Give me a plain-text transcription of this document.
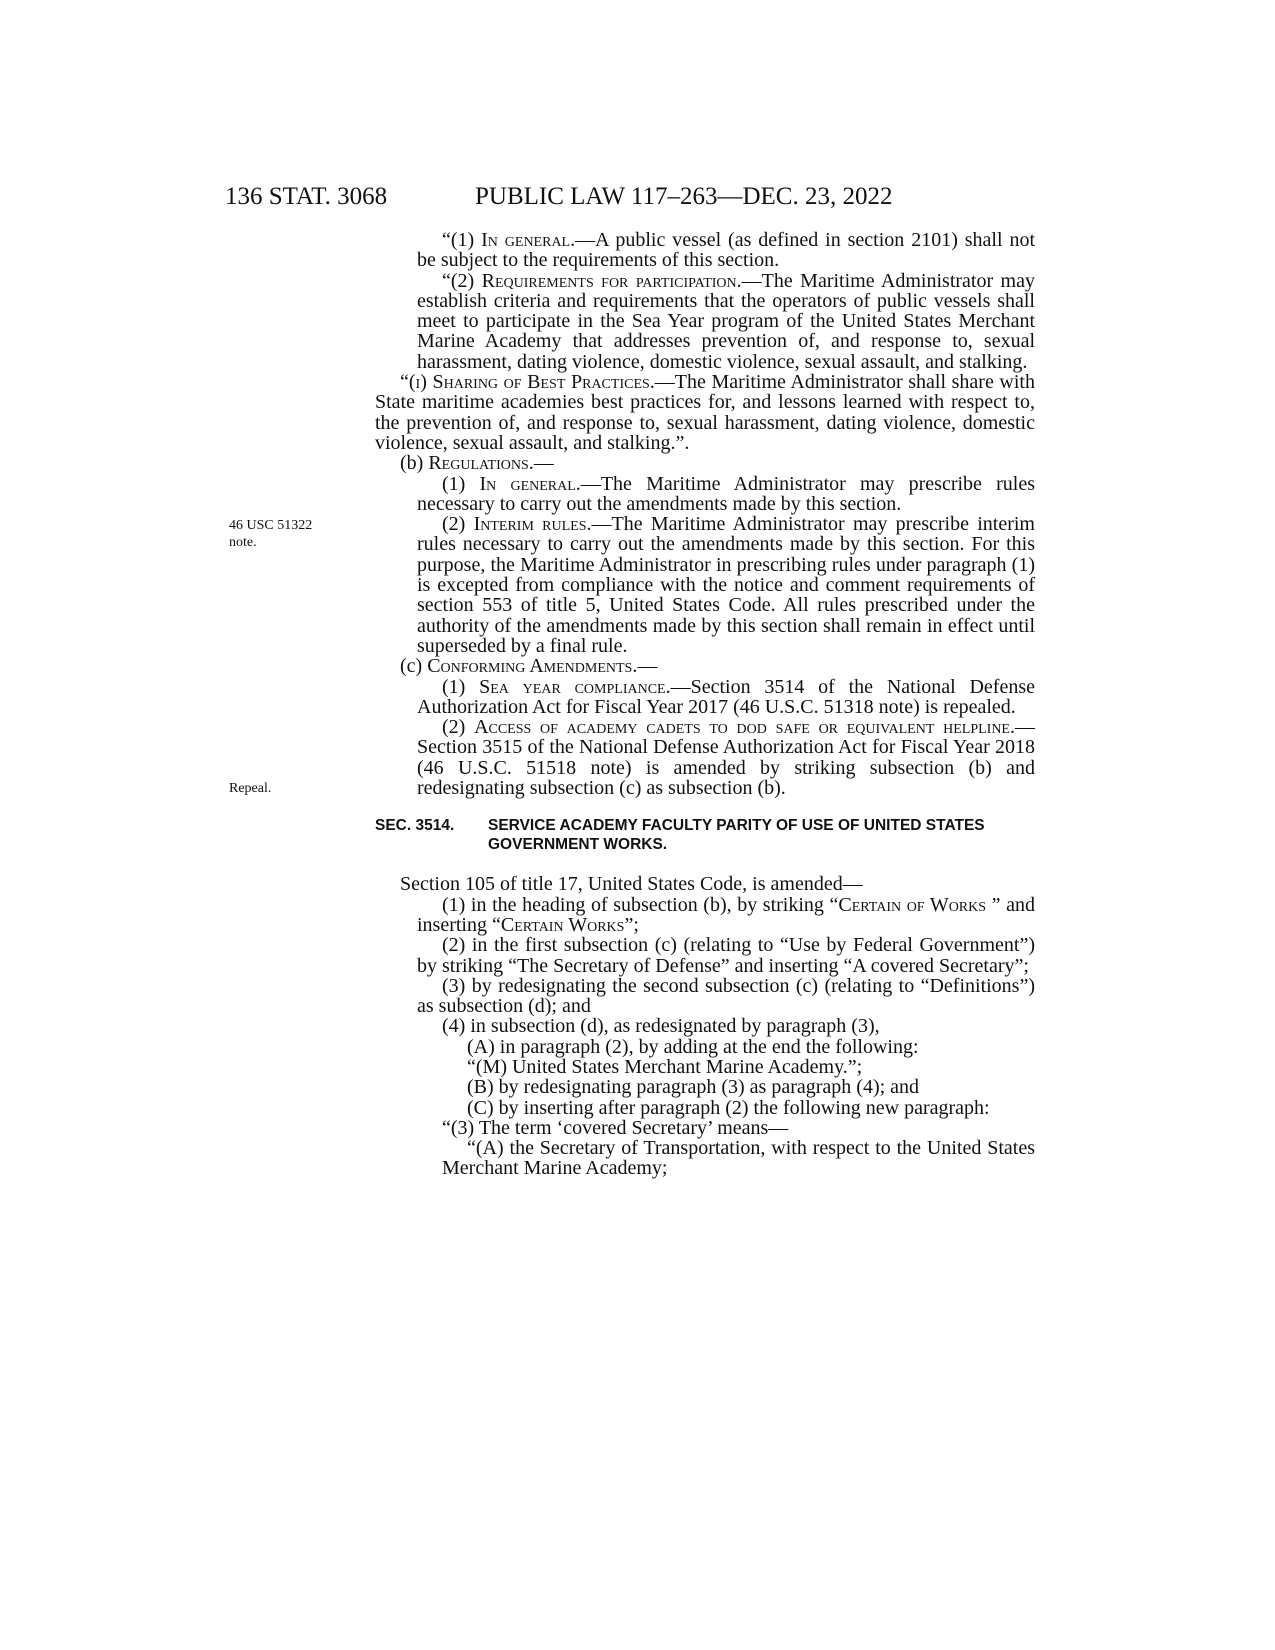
136 STAT. 3068	PUBLIC LAW 117–263—DEC. 23, 2022
46 USC 51322
note.
Repeal.

“(1) In general.—A public vessel (as defined in section 2101) shall not be subject to the requirements of this section.

“(2) Requirements for participation.—The Maritime Administrator may establish criteria and requirements that the operators of public vessels shall meet to participate in the Sea Year program of the United States Merchant Marine Academy that addresses prevention of, and response to, sexual harassment, dating violence, domestic violence, sexual assault, and stalking.

“(i) Sharing of Best Practices.—The Maritime Administrator shall share with State maritime academies best practices for, and lessons learned with respect to, the prevention of, and response to, sexual harassment, dating violence, domestic violence, sexual assault, and stalking.”.

(b) Regulations.—

(1) In general.—The Maritime Administrator may prescribe rules necessary to carry out the amendments made by this section.

(2) Interim rules.—The Maritime Administrator may prescribe interim rules necessary to carry out the amendments made by this section. For this purpose, the Maritime Administrator in prescribing rules under paragraph (1) is excepted from compliance with the notice and comment requirements of section 553 of title 5, United States Code. All rules prescribed under the authority of the amendments made by this section shall remain in effect until superseded by a final rule.

(c) Conforming Amendments.—

(1) Sea year compliance.—Section 3514 of the National Defense Authorization Act for Fiscal Year 2017 (46 U.S.C. 51318 note) is repealed.

(2) Access of academy cadets to dod safe or equivalent helpline.—Section 3515 of the National Defense Authorization Act for Fiscal Year 2018 (46 U.S.C. 51518 note) is amended by striking subsection (b) and redesignating subsection (c) as subsection (b).

SEC. 3514. SERVICE ACADEMY FACULTY PARITY OF USE OF UNITED STATES GOVERNMENT WORKS.

Section 105 of title 17, United States Code, is amended—

(1) in the heading of subsection (b), by striking “Certain of Works ” and inserting “Certain Works”;

(2) in the first subsection (c) (relating to “Use by Federal Government”) by striking “The Secretary of Defense” and inserting “A covered Secretary”;

(3) by redesignating the second subsection (c) (relating to “Definitions”) as subsection (d); and

(4) in subsection (d), as redesignated by paragraph (3),

(A) in paragraph (2), by adding at the end the following:

“(M) United States Merchant Marine Academy.”;

(B) by redesignating paragraph (3) as paragraph (4); and

(C) by inserting after paragraph (2) the following new paragraph:

“(3) The term ‘covered Secretary’ means—

“(A) the Secretary of Transportation, with respect to the United States Merchant Marine Academy;
